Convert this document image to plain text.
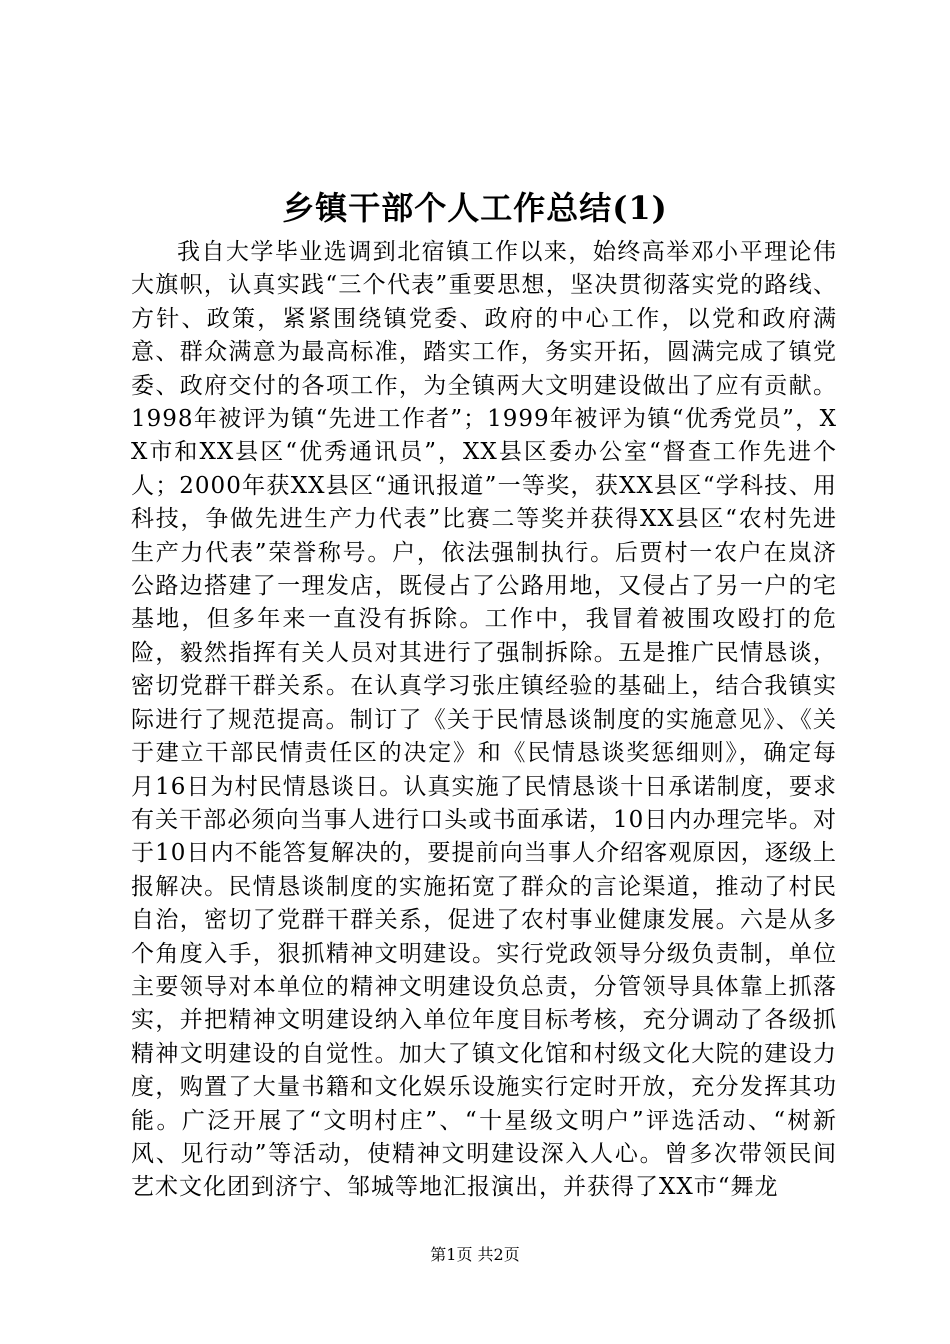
乡镇干部个人工作总结(1)

我自大学毕业选调到北宿镇工作以来，始终高举邓小平理论伟大旗帜，认真实践“三个代表”重要思想，坚决贯彻落实党的路线、方针、政策，紧紧围绕镇党委、政府的中心工作，以党和政府满意、群众满意为最高标准，踏实工作，务实开拓，圆满完成了镇党委、政府交付的各项工作，为全镇两大文明建设做出了应有贡献。1998年被评为镇“先进工作者”；1999年被评为镇“优秀党员”，XX市和XX县区“优秀通讯员”，XX县区委办公室“督查工作先进个人；2000年获XX县区“通讯报道”一等奖，获XX县区“学科技、用科技，争做先进生产力代表”比赛二等奖并获得XX县区“农村先进生产力代表”荣誉称号。户，依法强制执行。后贾村一农户在岚济公路边搭建了一理发店，既侵占了公路用地，又侵占了另一户的宅基地，但多年来一直没有拆除。工作中，我冒着被围攻殴打的危险，毅然指挥有关人员对其进行了强制拆除。五是推广民情恳谈，密切党群干群关系。在认真学习张庄镇经验的基础上，结合我镇实际进行了规范提高。制订了《关于民情恳谈制度的实施意见》、《关于建立干部民情责任区的决定》和《民情恳谈奖惩细则》，确定每月16日为村民情恳谈日。认真实施了民情恳谈十日承诺制度，要求有关干部必须向当事人进行口头或书面承诺，10日内办理完毕。对于10日内不能答复解决的，要提前向当事人介绍客观原因，逐级上报解决。民情恳谈制度的实施拓宽了群众的言论渠道，推动了村民自治，密切了党群干群关系，促进了农村事业健康发展。六是从多个角度入手，狠抓精神文明建设。实行党政领导分级负责制，单位主要领导对本单位的精神文明建设负总责，分管领导具体靠上抓落实，并把精神文明建设纳入单位年度目标考核，充分调动了各级抓精神文明建设的自觉性。加大了镇文化馆和村级文化大院的建设力度，购置了大量书籍和文化娱乐设施实行定时开放，充分发挥其功能。广泛开展了“文明村庄”、“十星级文明户”评选活动、“树新风、见行动”等活动，使精神文明建设深入人心。曾多次带领民间艺术文化团到济宁、邹城等地汇报演出，并获得了XX市“舞龙

第1页 共2页
